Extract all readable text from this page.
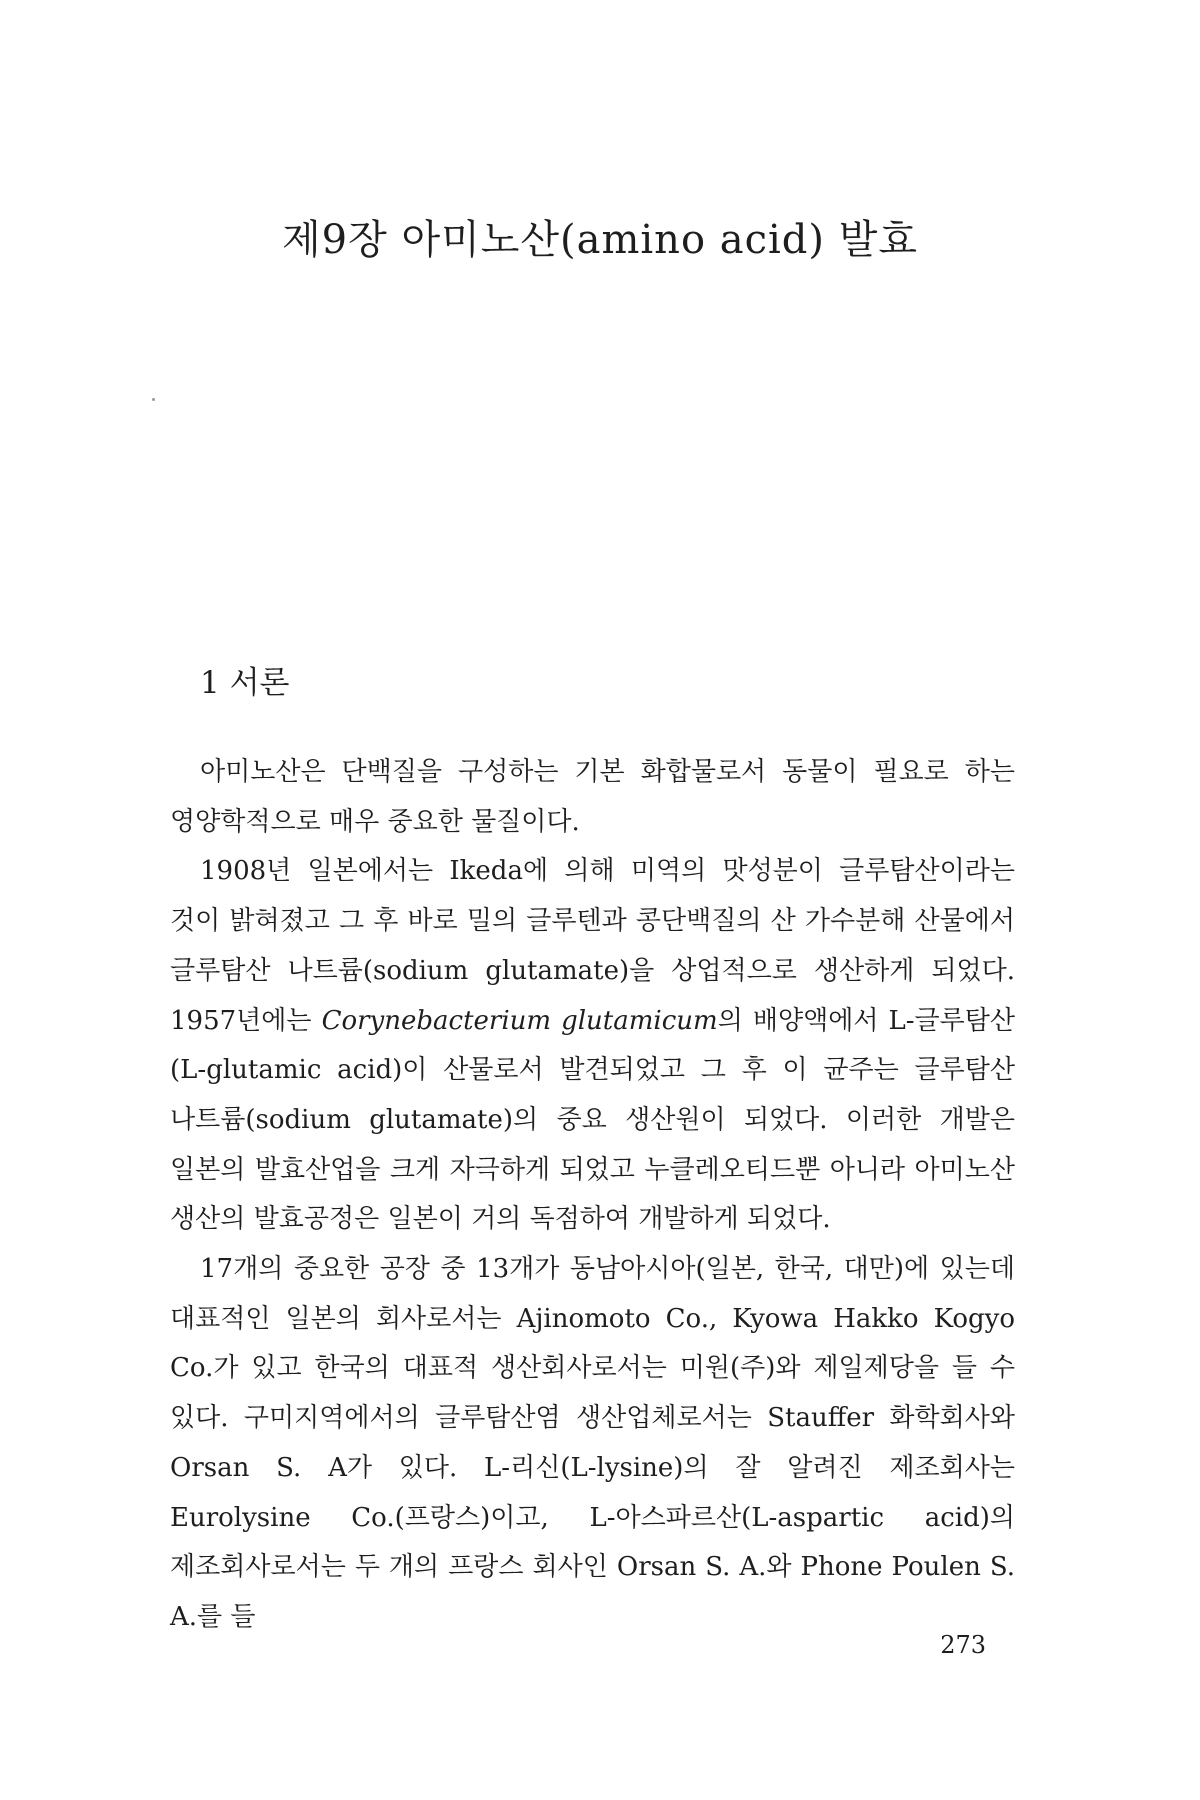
제9장 아미노산(amino acid) 발효
1 서론

아미노산은 단백질을 구성하는 기본 화합물로서 동물이 필요로 하는 영양학적으로 매우 중요한 물질이다.

1908년 일본에서는 Ikeda에 의해 미역의 맛성분이 글루탐산이라는 것이 밝혀졌고 그 후 바로 밀의 글루텐과 콩단백질의 산 가수분해 산물에서 글루탐산 나트륨(sodium glutamate)을 상업적으로 생산하게 되었다. 1957년에는 Corynebacterium glutamicum의 배양액에서 L-글루탐산(L-glutamic acid)이 산물로서 발견되었고 그 후 이 균주는 글루탐산 나트륨(sodium glutamate)의 중요 생산원이 되었다. 이러한 개발은 일본의 발효산업을 크게 자극하게 되었고 누클레오티드뿐 아니라 아미노산 생산의 발효공정은 일본이 거의 독점하여 개발하게 되었다.

17개의 중요한 공장 중 13개가 동남아시아(일본, 한국, 대만)에 있는데 대표적인 일본의 회사로서는 Ajinomoto Co., Kyowa Hakko Kogyo Co.가 있고 한국의 대표적 생산회사로서는 미원(주)와 제일제당을 들 수 있다. 구미지역에서의 글루탐산염 생산업체로서는 Stauffer 화학회사와 Orsan S. A가 있다. L-리신(L-lysine)의 잘 알려진 제조회사는 Eurolysine Co.(프랑스)이고, L-아스파르산(L-aspartic acid)의 제조회사로서는 두 개의 프랑스 회사인 Orsan S. A.와 Phone Poulen S. A.를 들

273
